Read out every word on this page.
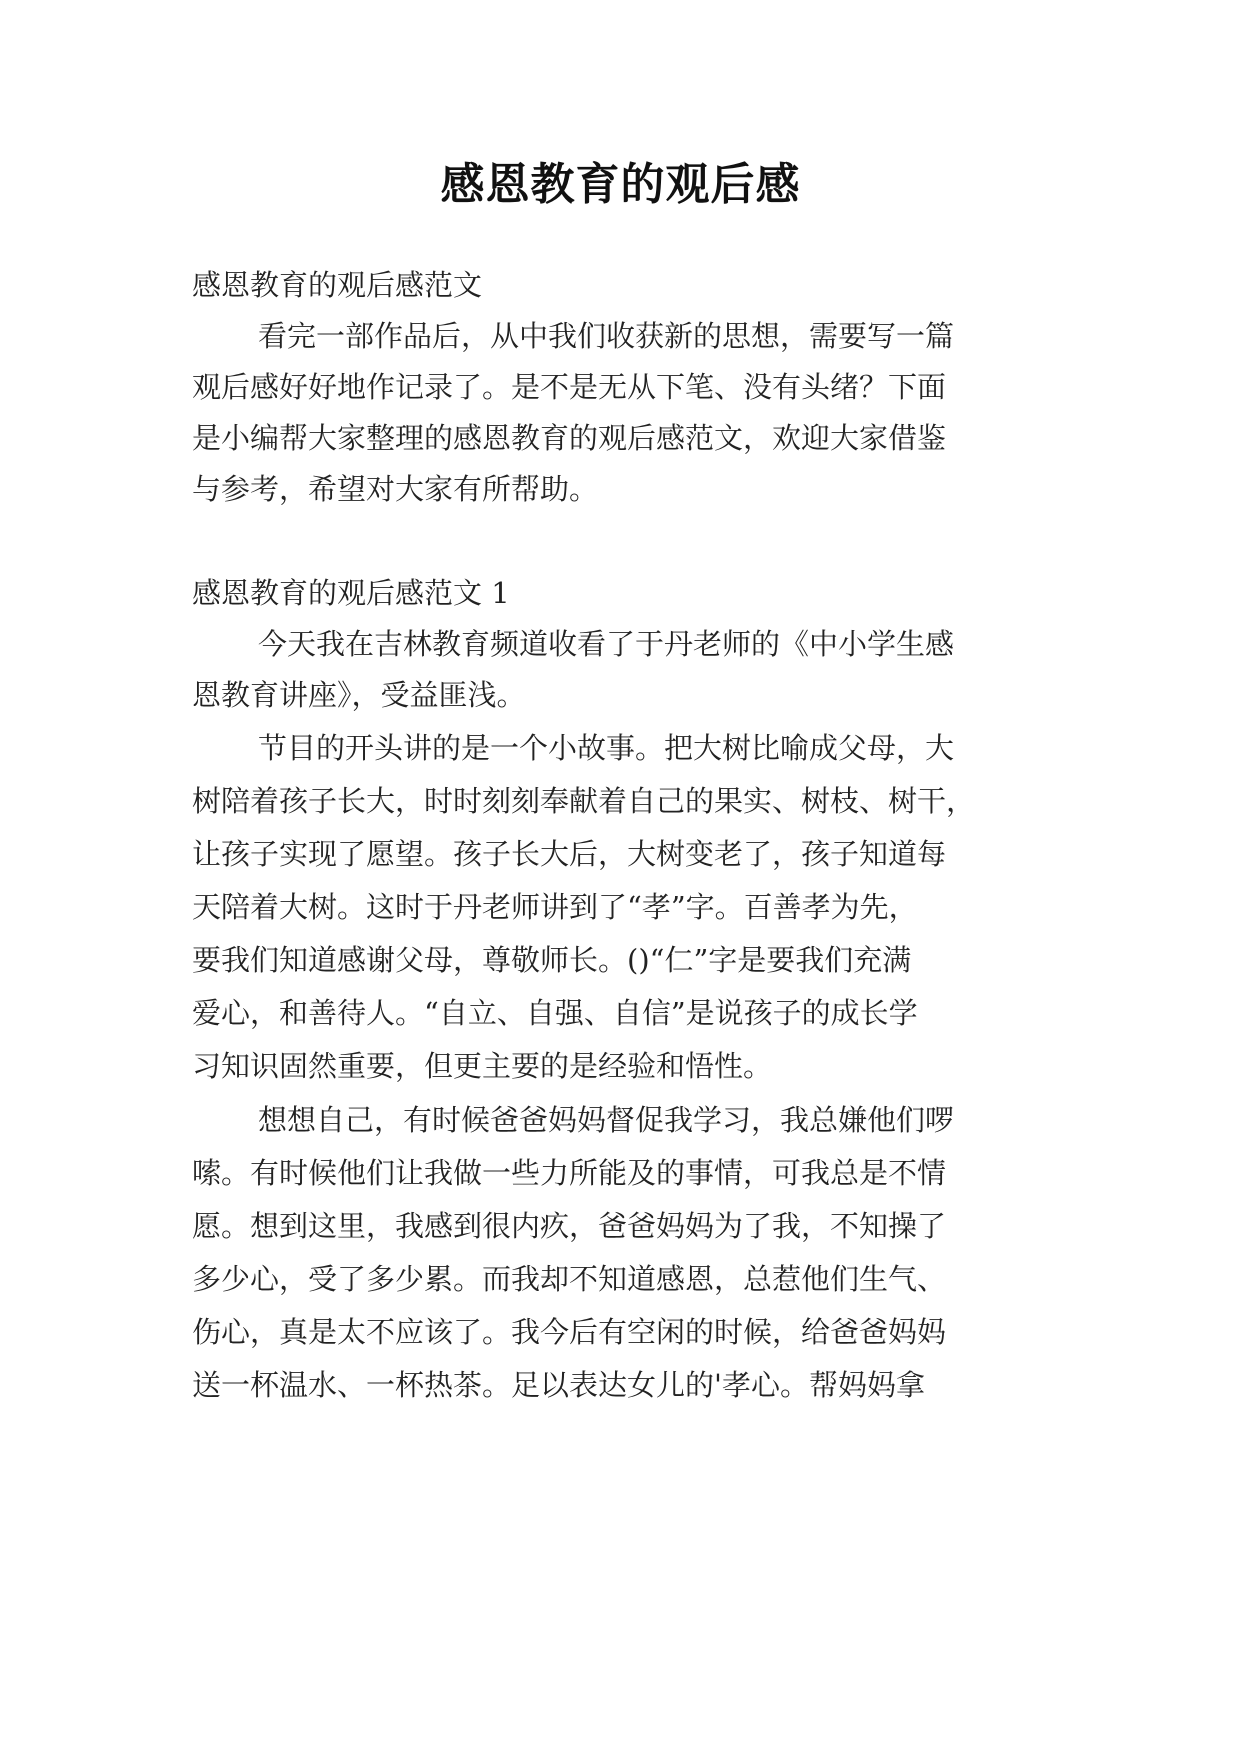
感恩教育的观后感
感恩教育的观后感范文
看完一部作品后，从中我们收获新的思想，需要写一篇
观后感好好地作记录了。是不是无从下笔、没有头绪？下面
是小编帮大家整理的感恩教育的观后感范文，欢迎大家借鉴
与参考，希望对大家有所帮助。
感恩教育的观后感范文 1
今天我在吉林教育频道收看了于丹老师的《中小学生感
恩教育讲座》，受益匪浅。
节目的开头讲的是一个小故事。把大树比喻成父母，大
树陪着孩子长大，时时刻刻奉献着自己的果实、树枝、树干，
让孩子实现了愿望。孩子长大后，大树变老了，孩子知道每
天陪着大树。这时于丹老师讲到了“孝”字。百善孝为先，
要我们知道感谢父母，尊敬师长。()“仁”字是要我们充满
爱心，和善待人。“自立、自强、自信”是说孩子的成长学
习知识固然重要，但更主要的是经验和悟性。
想想自己，有时候爸爸妈妈督促我学习，我总嫌他们啰
嗦。有时候他们让我做一些力所能及的事情，可我总是不情
愿。想到这里，我感到很内疚，爸爸妈妈为了我，不知操了
多少心，受了多少累。而我却不知道感恩，总惹他们生气、
伤心，真是太不应该了。我今后有空闲的时候，给爸爸妈妈
送一杯温水、一杯热茶。足以表达女儿的'孝心。帮妈妈拿
